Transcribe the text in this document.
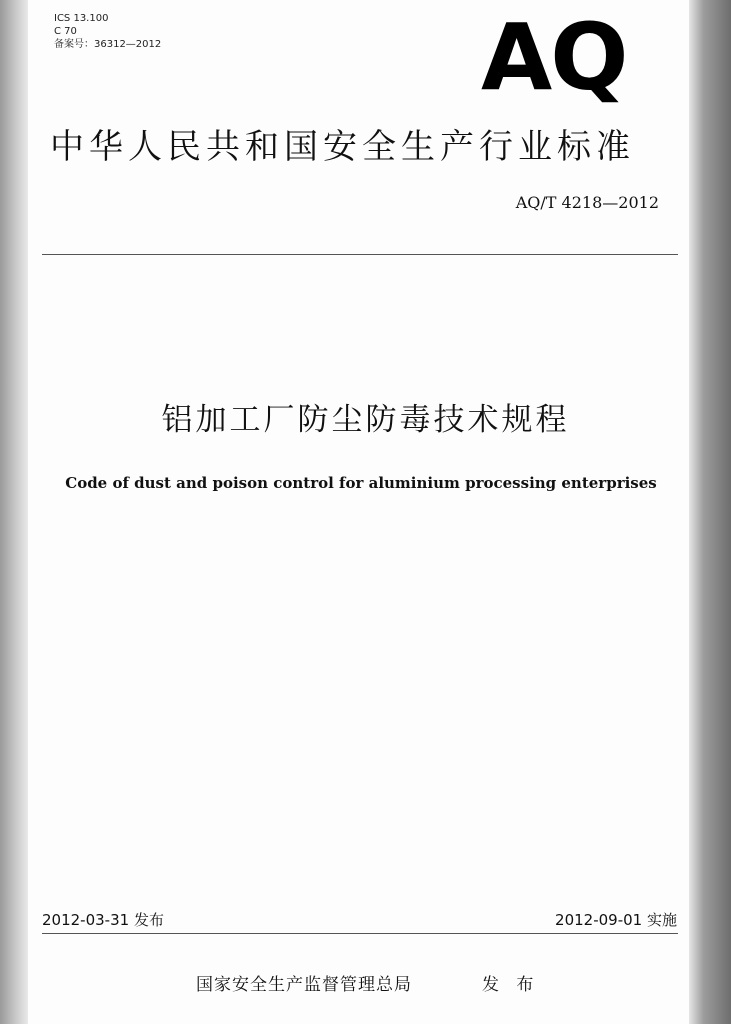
ICS 13.100
C 70
备案号：36312—2012	AQ
中华人民共和国安全生产行业标准
AQ/T 4218—2012
铝加工厂防尘防毒技术规程
Code of dust and poison control for aluminium processing enterprises
2012-03-31 发布	2012-09-01 实施
国家安全生产监督管理总局	发 布
